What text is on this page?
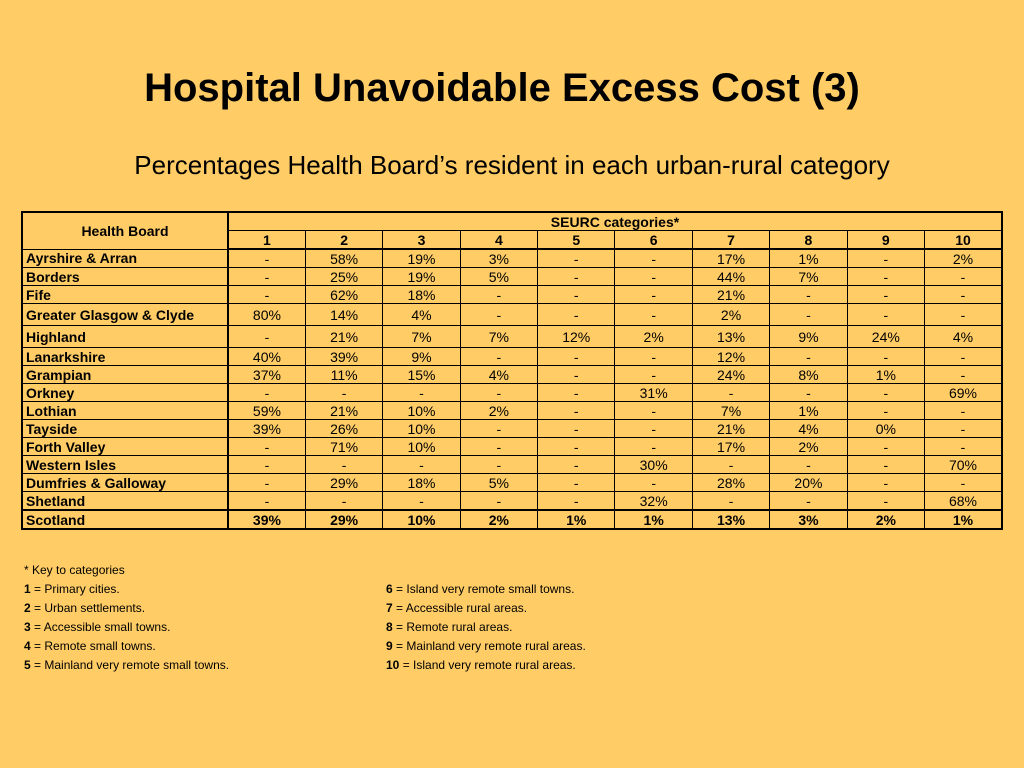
Hospital Unavoidable Excess Cost (3)
Percentages Health Board’s resident in each urban-rural category
Health Board	SEURC categories*									
	1	2	3	4	5	6	7	8	9	10
Ayrshire & Arran	-	58%	19%	3%	-	-	17%	1%	-	2%
Borders	-	25%	19%	5%	-	-	44%	7%	-	-
Fife	-	62%	18%	-	-	-	21%	-	-	-
Greater Glasgow & Clyde	80%	14%	4%	-	-	-	2%	-	-	-
Highland	-	21%	7%	7%	12%	2%	13%	9%	24%	4%
Lanarkshire	40%	39%	9%	-	-	-	12%	-	-	-
Grampian	37%	11%	15%	4%	-	-	24%	8%	1%	-
Orkney	-	-	-	-	-	31%	-	-	-	69%
Lothian	59%	21%	10%	2%	-	-	7%	1%	-	-
Tayside	39%	26%	10%	-	-	-	21%	4%	0%	-
Forth Valley	-	71%	10%	-	-	-	17%	2%	-	-
Western Isles	-	-	-	-	-	30%	-	-	-	70%
Dumfries & Galloway	-	29%	18%	5%	-	-	28%	20%	-	-
Shetland	-	-	-	-	-	32%	-	-	-	68%
Scotland	39%	29%	10%	2%	1%	1%	13%	3%	2%	1%
* Key to categories
1 = Primary cities.
2 = Urban settlements.
3 = Accessible small towns.
4 = Remote small towns.
5 = Mainland very remote small towns.
6 = Island very remote small towns.
7 = Accessible rural areas.
8 = Remote rural areas.
9 = Mainland very remote rural areas.
10 = Island very remote rural areas.
